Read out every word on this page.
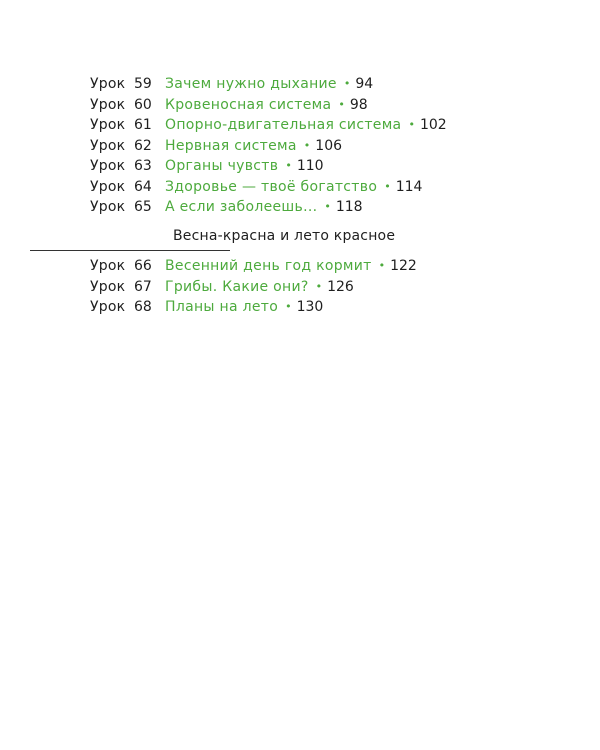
Урок 59 Зачем нужно дыхание • 94
Урок 60 Кровеносная система • 98
Урок 61 Опорно-двигательная система • 102
Урок 62 Нервная система • 106
Урок 63 Органы чувств • 110
Урок 64 Здоровье — твоё богатство • 114
Урок 65 А если заболеешь... • 118
Весна-красна и лето красное
Урок 66 Весенний день год кормит • 122
Урок 67 Грибы. Какие они? • 126
Урок 68 Планы на лето • 130
